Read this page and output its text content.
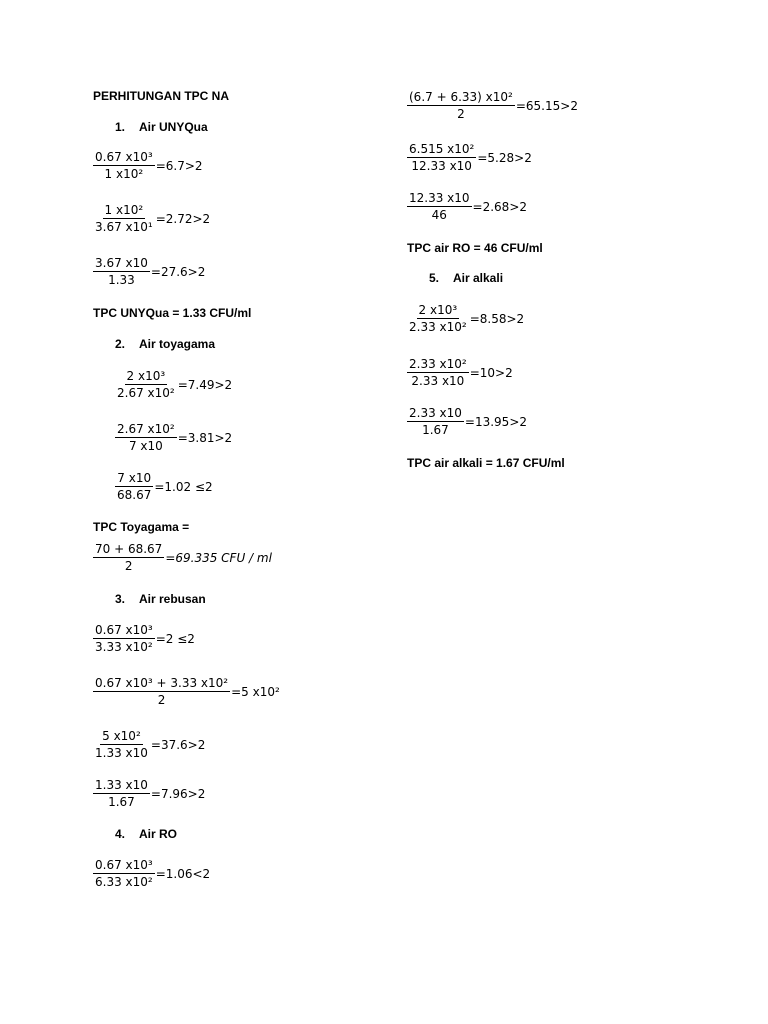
PERHITUNGAN TPC NA
1. Air UNYQua
$\frac{\text{0.67 x10³}}{\text{1 x10²}} =6.7>2$
$\frac{\text{1 x10²}}{\text{3.67 x10¹}} =2.72>2$
$\frac{3.67 x10}{1.33} =27.6>2$
TPC UNYQua = 1.33 CFU/ml
2. Air toyagama
$\frac{\text{2 x10³}}{\text{2.67 x10²}} =7.49>2$
$\frac{\text{2.67 x10²}}{7 x10} =3.81>2$
$\frac{7 x10}{68.67} =1.02 \le 2$
TPC Toyagama =
$\frac{70 + 68.67}{2} =69.335$ CFU / ml
3. Air rebusan
$\frac{\text{0.67 x10³}}{\text{3.33 x10²}} =2 \le 2$
$\frac{\text{0.67 x10³ + 3.33 x10²}}{2} =5$ x10²
$\frac{\text{5 x10²}}{1.33 x10} =37.6>2$
$\frac{1.33 x10}{1.67} =7.96>2$
4. Air RO
$\frac{\text{0.67 x10³}}{\text{6.33 x10²}} =1.06<2$
$\frac{\text{(6.7 + 6.33) x10²}}{2} =65.15>2$
$\frac{\text{6.515 x10²}}{12.33 x10} =5.28>2$
$\frac{12.33 x10}{46} =2.68>2$
TPC air RO = 46 CFU/ml
5. Air alkali
$\frac{\text{2 x10³}}{\text{2.33 x10²}} =8.58>2$
$\frac{\text{2.33 x10²}}{2.33 x10} =10>2$
$\frac{2.33 x10}{1.67} =13.95>2$
TPC air alkali = 1.67 CFU/ml
